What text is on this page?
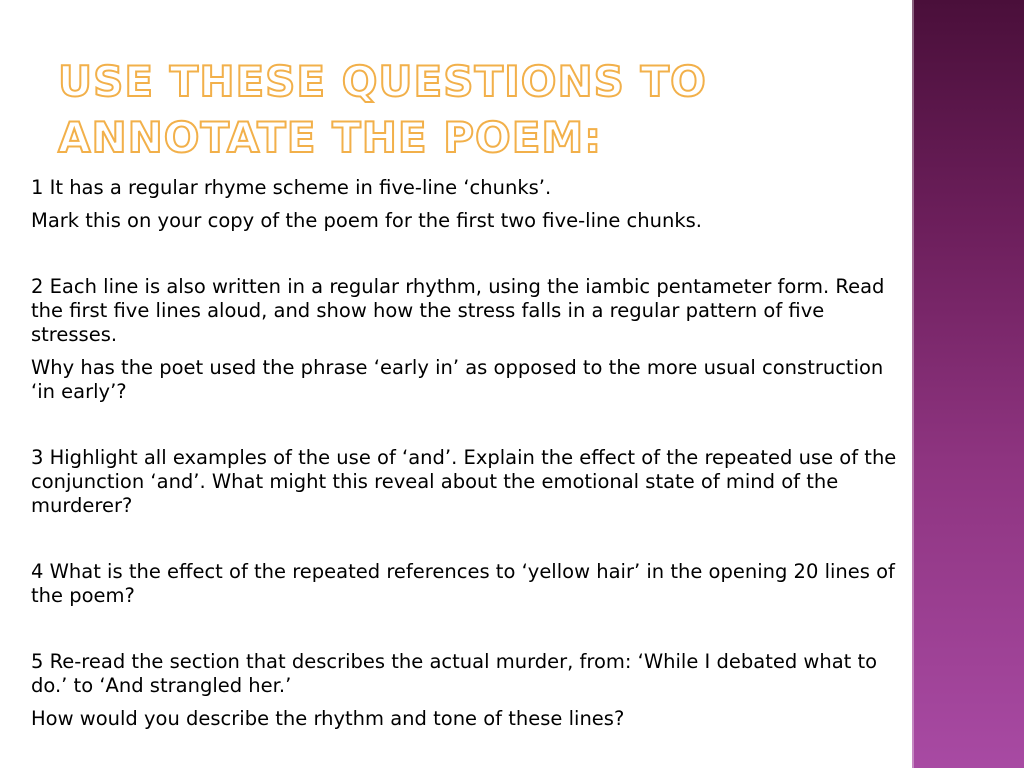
USE THESE QUESTIONS TO
ANNOTATE THE POEM:

1 It has a regular rhyme scheme in five-line ‘chunks’.

Mark this on your copy of the poem for the first two five-line chunks.

2 Each line is also written in a regular rhythm, using the iambic pentameter form. Read the first five lines aloud, and show how the stress falls in a regular pattern of five stresses.

Why has the poet used the phrase ‘early in’ as opposed to the more usual construction ‘in early’?

3 Highlight all examples of the use of ‘and’. Explain the effect of the repeated use of the conjunction ‘and’. What might this reveal about the emotional state of mind of the murderer?

4 What is the effect of the repeated references to ‘yellow hair’ in the opening 20 lines of the poem?

5 Re-read the section that describes the actual murder, from: ‘While I debated what to do.’ to ‘And strangled her.’

How would you describe the rhythm and tone of these lines?
